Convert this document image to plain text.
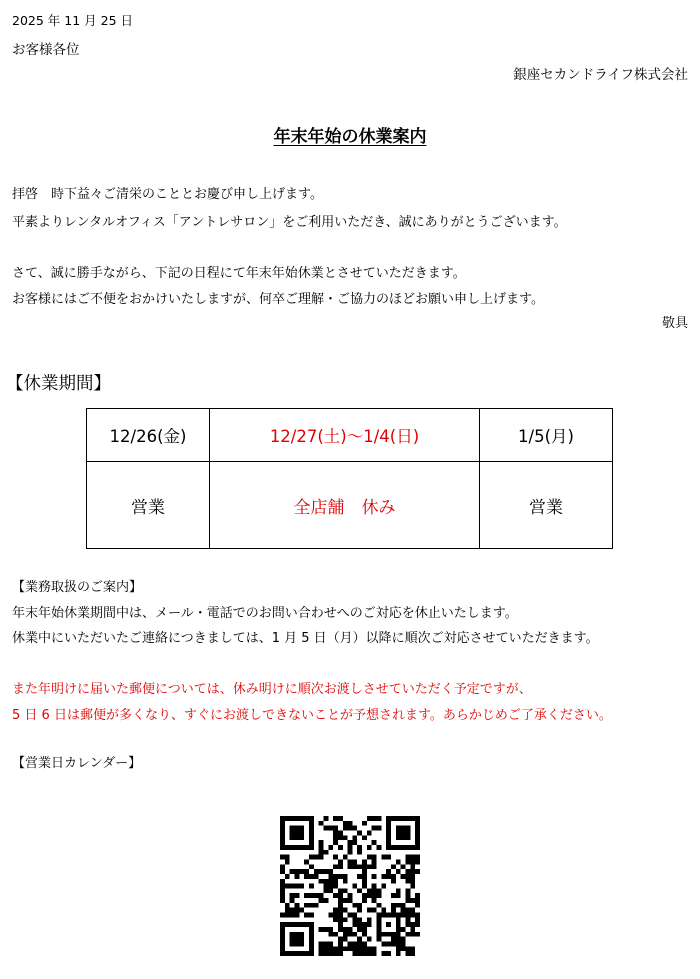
2025 年 11 月 25 日
お客様各位
銀座セカンドライフ株式会社
年末年始の休業案内
拝啓　時下益々ご清栄のこととお慶び申し上げます。
平素よりレンタルオフィス「アントレサロン」をご利用いただき、誠にありがとうございます。
さて、誠に勝手ながら、下記の日程にて年末年始休業とさせていただきます。
お客様にはご不便をおかけいたしますが、何卒ご理解・ご協力のほどお願い申し上げます。
敬具
【休業期間】
12/26(金)	12/27(土)～1/4(日)	1/5(月)
営業	全店舗　休み	営業
【業務取扱のご案内】
年末年始休業期間中は、メール・電話でのお問い合わせへのご対応を休止いたします。
休業中にいただいたご連絡につきましては、1 月 5 日（月）以降に順次ご対応させていただきます。
また年明けに届いた郵便については、休み明けに順次お渡しさせていただく予定ですが、
5 日 6 日は郵便が多くなり、すぐにお渡しできないことが予想されます。あらかじめご了承ください。
【営業日カレンダー】
